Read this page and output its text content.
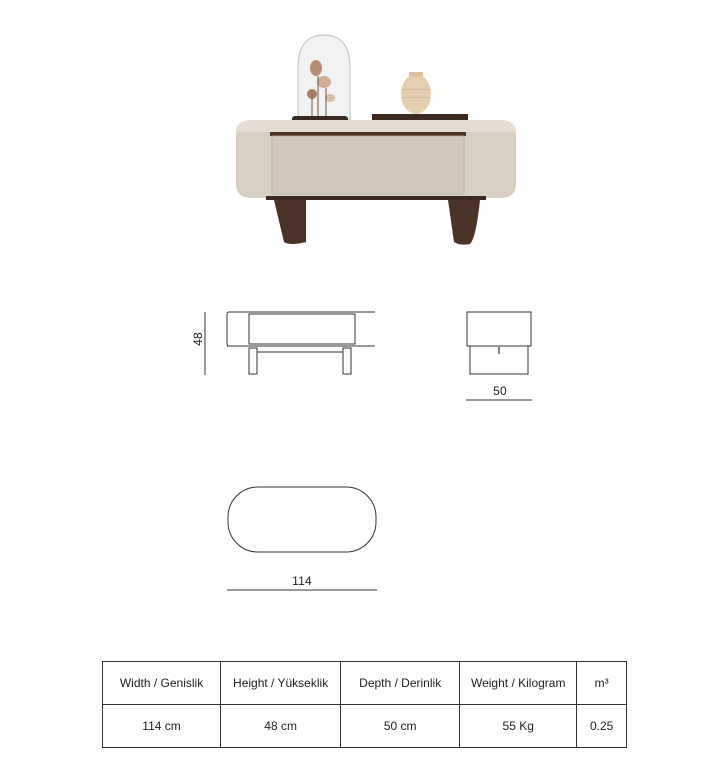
48
50
114
Width / Genislik	Height / Yükseklik	Depth / Derinlik	Weight / Kilogram	m³
114 cm	48 cm	50 cm	55 Kg	0.25
